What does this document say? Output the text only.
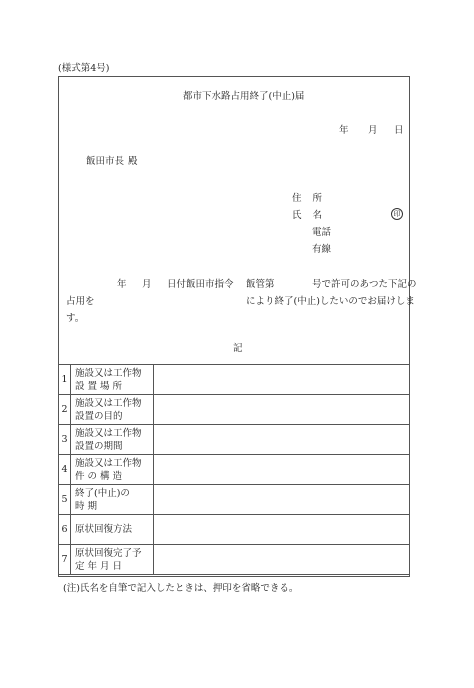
(様式第4号)
都市下水路占用終了(中止)届
年 月 日
飯田市長 殿
住 所
氏 名	印
電話
有線
年 月 日付飯田市指令 飯管第	号で許可のあつた下記の
占用を	により終了(中止)したいのでお届けしま
す。
記
1	施設又は工作物
設 置 場 所	

2	施設又は工作物
設置の目的	

3	施設又は工作物
設置の期間	

4	施設又は工作物
件 の 構 造	

5	終了(中止)の
時 期	

6	原状回復方法	

7	原状回復完了予
定 年 月 日	

(注)氏名を自筆で記入したときは、押印を省略できる。
